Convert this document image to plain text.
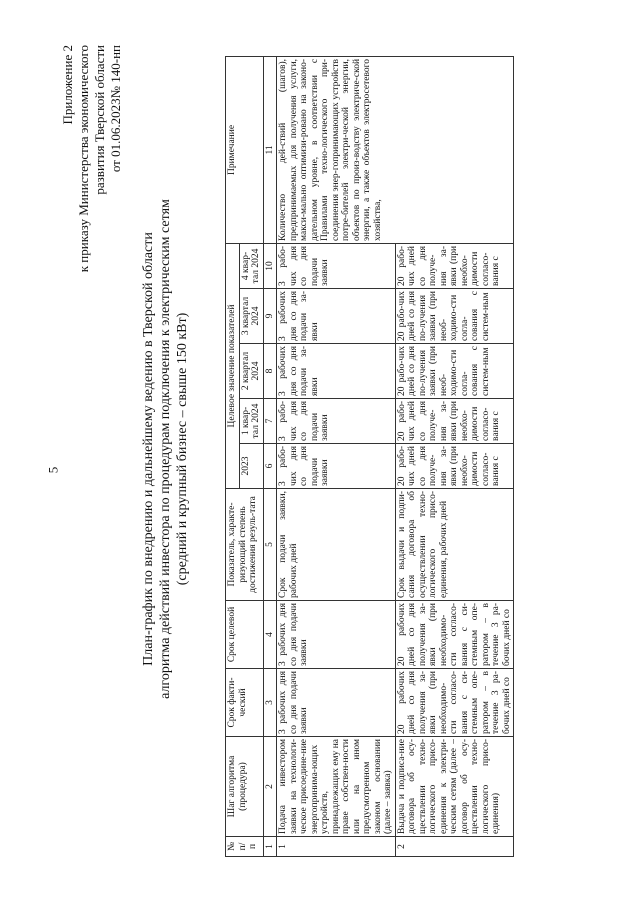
5
Приложение 2 к приказу Министерства экономического развития Тверской области от 01.06.2023№ 140-нп
План-график по внедрению и дальнейшему ведению в Тверской области алгоритма действий инвестора по процедурам подключения к электрическим сетям (средний и крупный бизнес – свыше 150 кВт)
№ п/ п	Шаг алгоритма (процедура)	Срок факти-ческий	Срок целевой	Показатель, характе-ризующий степень достижения резуль-тата	Целевое значение показателей					Примечание
					2023	1 квар-тал 2024	2 квартал 2024	3 квартал 2024	4 квар-тал 2024	
1	2	3	4	5	6	7	8	9	10	11
1	Подача инвестором заявки на технологи-ческое присоедине-ние энергопринима-ющих устройств, принадлежащих ему на праве собствен-ности или на ином предусмотренном законом основании (далее – заявка)	3 рабочих дня со дня подачи заявки	3 рабочих дня со дня подачи заявки	Срок подачи заявки, рабочих дней	3 рабо-чих дня со дня подачи заявки	3 рабо-чих дня со дня подачи заявки	3 рабочих дня со дня подачи за-явки	3 рабочих дня со дня подачи за-явки	3 рабо-чих дня со дня подачи заявки	Количество дей-ствий (шагов), предпринимаемых для получения услуги, макси-мально оптимизи-ровано на законо-дательном уровне, в соответствии с Правилами техно-логического при-соединения энер-гопринимающих устройств потре-бителей электри-ческой энергии, объектов по произ-водству электриче-ской энергии, а также объектов электросетевого хозяйства,
2	Выдача и подписа-ние договора об осу-ществлении техно-логического присо-единения к электри-ческим сетям (далее – договор об осу-ществлении техно-логического присо-единения)	20 рабочих дней со дня получения за-явки (при необходимо-сти согласо-вания с си-стемным опе-ратором – в течение 3 ра-бочих дней со	20 рабочих дней со дня получения за-явки (при необходимо-сти согласо-вания с си-стемным опе-ратором – в течение 3 ра-бочих дней со	Срок выдачи и подпи-сания договора об осуществлении техно-логического присо-единения, рабочих дней	20 рабо-чих дней со дня получе-ния за-явки (при необхо-димости согласо-вания с	20 рабо-чих дней со дня получе-ния за-явки (при необхо-димости согласо-вания с	20 рабо-чих дней со дня по-лучения заявки (при необ-ходимо-сти согла-сования с систем-ным	20 рабо-чих дней со дня по-лучения заявки (при необ-ходимо-сти согла-сования с систем-ным	20 рабо-чих дней со дня получе-ния за-явки (при необхо-димости согласо-вания с	
